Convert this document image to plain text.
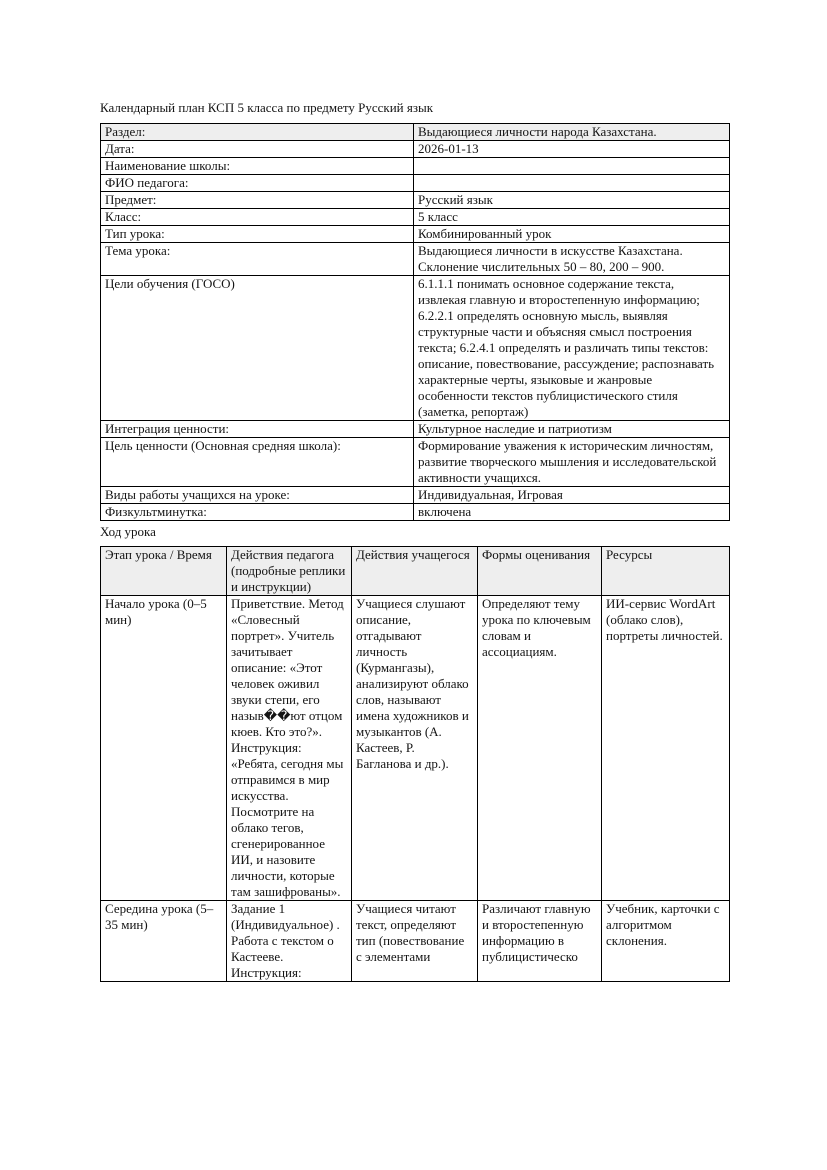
Календарный план КСП 5 класса по предмету Русский язык

Раздел:	Выдающиеся личности народа Казахстана.
Дата:	2026-01-13
Наименование школы:	
ФИО педагога:	
Предмет:	Русский язык
Класс:	5 класс
Тип урока:	Комбинированный урок
Тема урока:	Выдающиеся личности в искусстве Казахстана. Склонение числительных 50 – 80, 200 – 900.
Цели обучения (ГОСО)	6.1.1.1 понимать основное содержание текста, извлекая главную и второстепенную информацию; 6.2.2.1 определять основную мысль, выявляя структурные части и объясняя смысл построения текста; 6.2.4.1 определять и различать типы текстов: описание, повествование, рассуждение; распознавать характерные черты, языковые и жанровые особенности текстов публицистического стиля (заметка, репортаж)
Интеграция ценности:	Культурное наследие и патриотизм
Цель ценности (Основная средняя школа):	Формирование уважения к историческим личностям, развитие творческого мышления и исследовательской активности учащихся.
Виды работы учащихся на уроке:	Индивидуальная, Игровая
Физкультминутка:	включена

Ход урока

Этап урока / Время	Действия педагога (подробные реплики и инструкции)	Действия учащегося	Формы оценивания	Ресурсы
Начало урока (0–5 мин)	Приветствие. Метод «Словесный портрет». Учитель зачитывает описание: «Этот человек оживил звуки степи, его назыв��ют отцом кюев. Кто это?». Инструкция: «Ребята, сегодня мы отправимся в мир искусства. Посмотрите на облако тегов, сгенерированное ИИ, и назовите личности, которые там зашифрованы».	Учащиеся слушают описание, отгадывают личность (Курмангазы), анализируют облако слов, называют имена художников и музыкантов (А. Кастеев, Р. Багланова и др.).	Определяют тему урока по ключевым словам и ассоциациям.	ИИ-сервис WordArt (облако слов), портреты личностей.
Середина урока (5–35 мин)	Задание 1 (Индивидуальное) . Работа с текстом о Кастееве. Инструкция:	Учащиеся читают текст, определяют тип (повествование с элементами	Различают главную и второстепенную информацию в публицистическо	Учебник, карточки с алгоритмом склонения.
